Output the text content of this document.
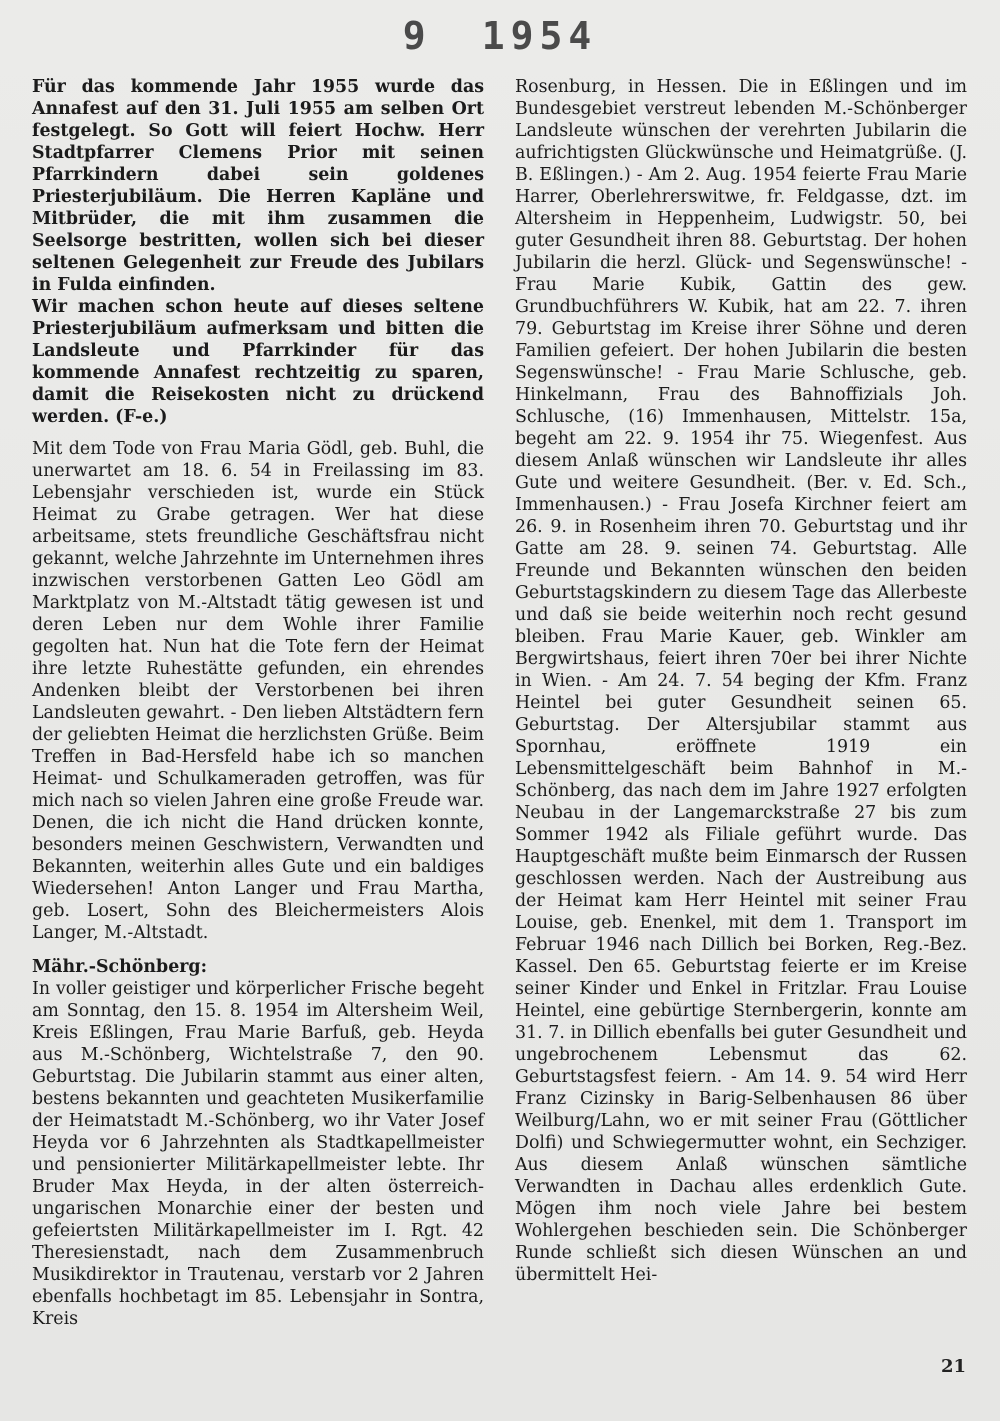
9 1954

Für das kommende Jahr 1955 wurde das Annafest auf den 31. Juli 1955 am selben Ort festgelegt. So Gott will feiert Hochw. Herr Stadtpfarrer Clemens Prior mit seinen Pfarrkindern dabei sein goldenes Priesterjubiläum. Die Herren Kapläne und Mitbrüder, die mit ihm zusammen die Seelsorge bestritten, wollen sich bei dieser seltenen Gelegenheit zur Freude des Jubilars in Fulda einfinden.

Wir machen schon heute auf dieses seltene Priesterjubiläum aufmerksam und bitten die Landsleute und Pfarrkinder für das kommende Annafest rechtzeitig zu sparen, damit die Reisekosten nicht zu drückend werden. (F-e.)

Mit dem Tode von Frau Maria Gödl, geb. Buhl, die unerwartet am 18. 6. 54 in Freilassing im 83. Lebensjahr verschieden ist, wurde ein Stück Heimat zu Grabe getragen. Wer hat diese arbeitsame, stets freundliche Geschäftsfrau nicht gekannt, welche Jahrzehnte im Unternehmen ihres inzwischen verstorbenen Gatten Leo Gödl am Marktplatz von M.-Altstadt tätig gewesen ist und deren Leben nur dem Wohle ihrer Familie gegolten hat. Nun hat die Tote fern der Heimat ihre letzte Ruhestätte gefunden, ein ehrendes Andenken bleibt der Verstorbenen bei ihren Landsleuten gewahrt. - Den lieben Altstädtern fern der geliebten Heimat die herzlichsten Grüße. Beim Treffen in Bad-Hersfeld habe ich so manchen Heimat- und Schulkameraden getroffen, was für mich nach so vielen Jahren eine große Freude war. Denen, die ich nicht die Hand drücken konnte, besonders meinen Geschwistern, Verwandten und Bekannten, weiterhin alles Gute und ein baldiges Wiedersehen! Anton Langer und Frau Martha, geb. Losert, Sohn des Bleichermeisters Alois Langer, M.-Altstadt.

Mähr.-Schönberg:

In voller geistiger und körperlicher Frische begeht am Sonntag, den 15. 8. 1954 im Altersheim Weil, Kreis Eßlingen, Frau Marie Barfuß, geb. Heyda aus M.-Schönberg, Wichtelstraße 7, den 90. Geburtstag. Die Jubilarin stammt aus einer alten, bestens bekannten und geachteten Musikerfamilie der Heimatstadt M.-Schönberg, wo ihr Vater Josef Heyda vor 6 Jahrzehnten als Stadtkapellmeister und pensionierter Militärkapellmeister lebte. Ihr Bruder Max Heyda, in der alten österreich-ungarischen Monarchie einer der besten und gefeiertsten Militärkapellmeister im I. Rgt. 42 Theresienstadt, nach dem Zusammenbruch Musikdirektor in Trautenau, verstarb vor 2 Jahren ebenfalls hochbetagt im 85. Lebensjahr in Sontra, Kreis

Rosenburg, in Hessen. Die in Eßlingen und im Bundesgebiet verstreut lebenden M.-Schönberger Landsleute wünschen der verehrten Jubilarin die aufrichtigsten Glückwünsche und Heimatgrüße. (J. B. Eßlingen.) - Am 2. Aug. 1954 feierte Frau Marie Harrer, Oberlehrerswitwe, fr. Feldgasse, dzt. im Altersheim in Heppenheim, Ludwigstr. 50, bei guter Gesundheit ihren 88. Geburtstag. Der hohen Jubilarin die herzl. Glück- und Segenswünsche! - Frau Marie Kubik, Gattin des gew. Grundbuchführers W. Kubik, hat am 22. 7. ihren 79. Geburtstag im Kreise ihrer Söhne und deren Familien gefeiert. Der hohen Jubilarin die besten Segenswünsche! - Frau Marie Schlusche, geb. Hinkelmann, Frau des Bahnoffizials Joh. Schlusche, (16) Immenhausen, Mittelstr. 15a, begeht am 22. 9. 1954 ihr 75. Wiegenfest. Aus diesem Anlaß wünschen wir Landsleute ihr alles Gute und weitere Gesundheit. (Ber. v. Ed. Sch., Immenhausen.) - Frau Josefa Kirchner feiert am 26. 9. in Rosenheim ihren 70. Geburtstag und ihr Gatte am 28. 9. seinen 74. Geburtstag. Alle Freunde und Bekannten wünschen den beiden Geburtstagskindern zu diesem Tage das Allerbeste und daß sie beide weiterhin noch recht gesund bleiben. Frau Marie Kauer, geb. Winkler am Bergwirtshaus, feiert ihren 70er bei ihrer Nichte in Wien. - Am 24. 7. 54 beging der Kfm. Franz Heintel bei guter Gesundheit seinen 65. Geburtstag. Der Altersjubilar stammt aus Spornhau, eröffnete 1919 ein Lebensmittelgeschäft beim Bahnhof in M.-Schönberg, das nach dem im Jahre 1927 erfolgten Neubau in der Langemarckstraße 27 bis zum Sommer 1942 als Filiale geführt wurde. Das Hauptgeschäft mußte beim Einmarsch der Russen geschlossen werden. Nach der Austreibung aus der Heimat kam Herr Heintel mit seiner Frau Louise, geb. Enenkel, mit dem 1. Transport im Februar 1946 nach Dillich bei Borken, Reg.-Bez. Kassel. Den 65. Geburtstag feierte er im Kreise seiner Kinder und Enkel in Fritzlar. Frau Louise Heintel, eine gebürtige Sternbergerin, konnte am 31. 7. in Dillich ebenfalls bei guter Gesundheit und ungebrochenem Lebensmut das 62. Geburtstagsfest feiern. - Am 14. 9. 54 wird Herr Franz Cizinsky in Barig-Selbenhausen 86 über Weilburg/Lahn, wo er mit seiner Frau (Göttlicher Dolfi) und Schwiegermutter wohnt, ein Sechziger. Aus diesem Anlaß wünschen sämtliche Verwandten in Dachau alles erdenklich Gute. Mögen ihm noch viele Jahre bei bestem Wohlergehen beschieden sein. Die Schönberger Runde schließt sich diesen Wünschen an und übermittelt Hei-

21
